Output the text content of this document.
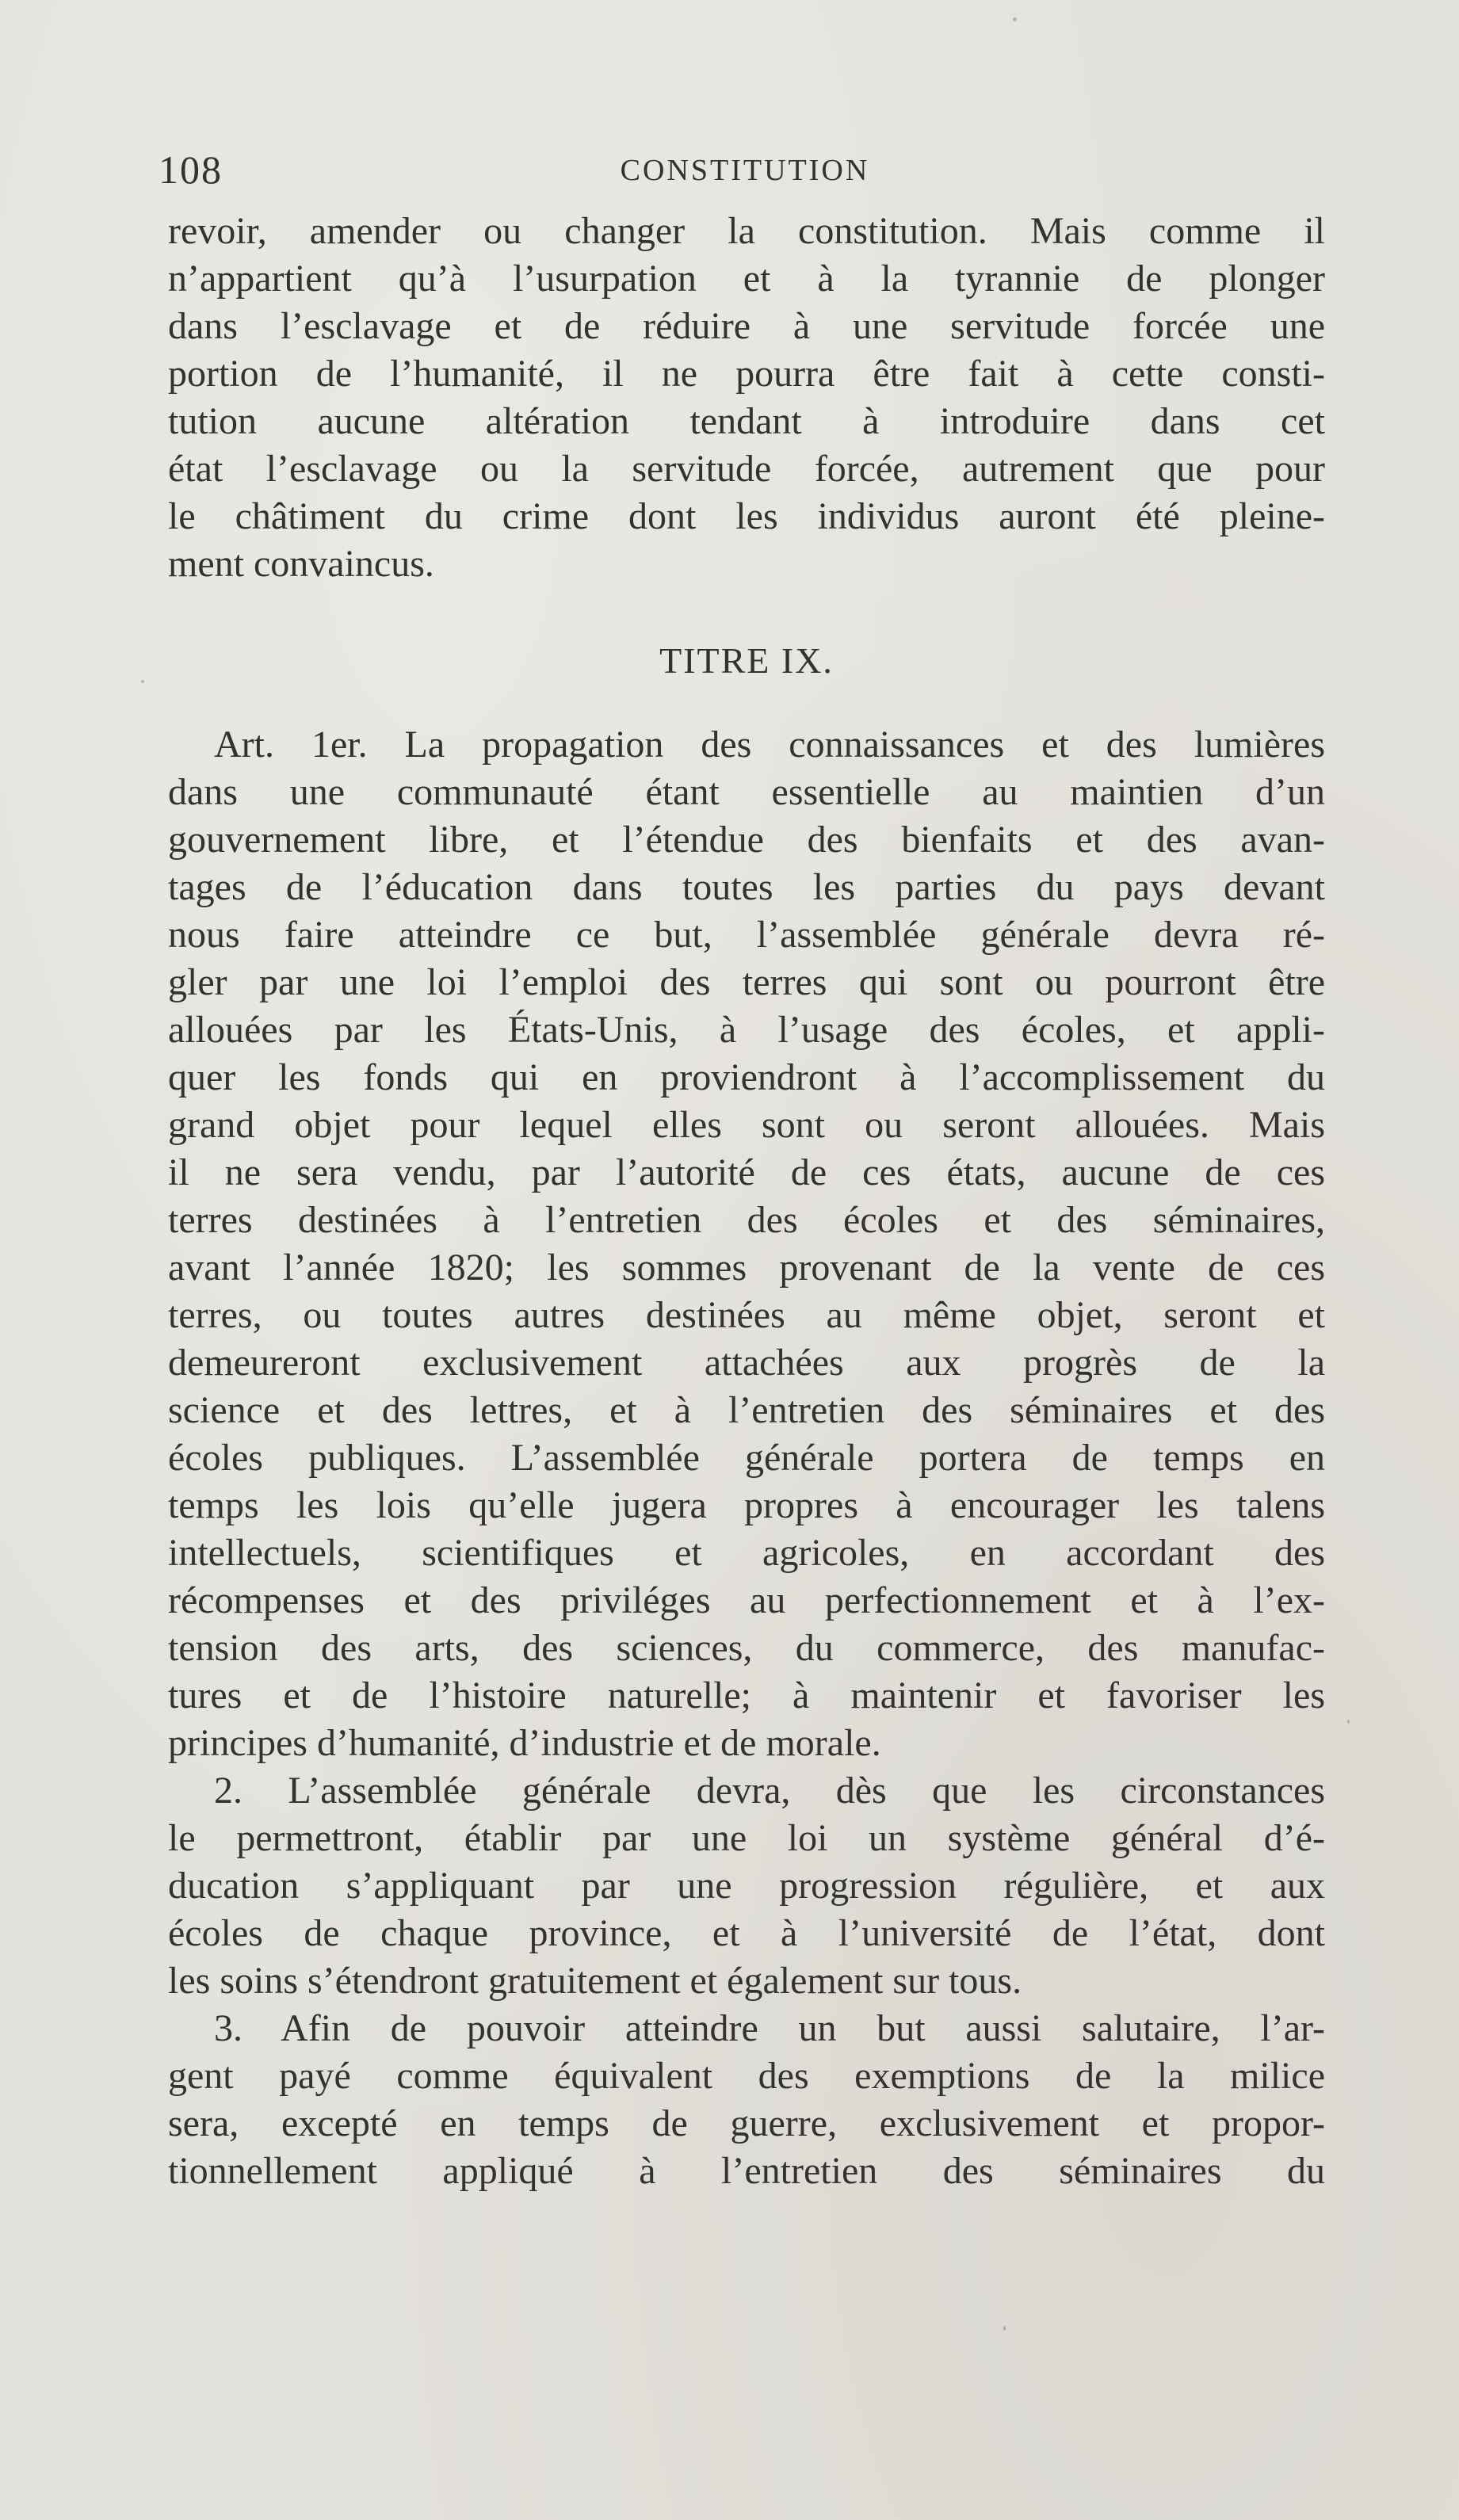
108	CONSTITUTION
revoir, amender ou changer la constitution. Mais comme il
n’appartient qu’à l’usurpation et à la tyrannie de plonger
dans l’esclavage et de réduire à une servitude forcée une
portion de l’humanité, il ne pourra être fait à cette consti-
tution aucune altération tendant à introduire dans cet
état l’esclavage ou la servitude forcée, autrement que pour
le châtiment du crime dont les individus auront été pleine-
ment convaincus.
TITRE IX.
Art. 1er. La propagation des connaissances et des lumières
dans une communauté étant essentielle au maintien d’un
gouvernement libre, et l’étendue des bienfaits et des avan-
tages de l’éducation dans toutes les parties du pays devant
nous faire atteindre ce but, l’assemblée générale devra ré-
gler par une loi l’emploi des terres qui sont ou pourront être
allouées par les États-Unis, à l’usage des écoles, et appli-
quer les fonds qui en proviendront à l’accomplissement du
grand objet pour lequel elles sont ou seront allouées. Mais
il ne sera vendu, par l’autorité de ces états, aucune de ces
terres destinées à l’entretien des écoles et des séminaires,
avant l’année 1820; les sommes provenant de la vente de ces
terres, ou toutes autres destinées au même objet, seront et
demeureront exclusivement attachées aux progrès de la
science et des lettres, et à l’entretien des séminaires et des
écoles publiques. L’assemblée générale portera de temps en
temps les lois qu’elle jugera propres à encourager les talens
intellectuels, scientifiques et agricoles, en accordant des
récompenses et des priviléges au perfectionnement et à l’ex-
tension des arts, des sciences, du commerce, des manufac-
tures et de l’histoire naturelle; à maintenir et favoriser les
principes d’humanité, d’industrie et de morale.
2. L’assemblée générale devra, dès que les circonstances
le permettront, établir par une loi un système général d’é-
ducation s’appliquant par une progression régulière, et aux
écoles de chaque province, et à l’université de l’état, dont
les soins s’étendront gratuitement et également sur tous.
3. Afin de pouvoir atteindre un but aussi salutaire, l’ar-
gent payé comme équivalent des exemptions de la milice
sera, excepté en temps de guerre, exclusivement et propor-
tionnellement appliqué à l’entretien des séminaires du
